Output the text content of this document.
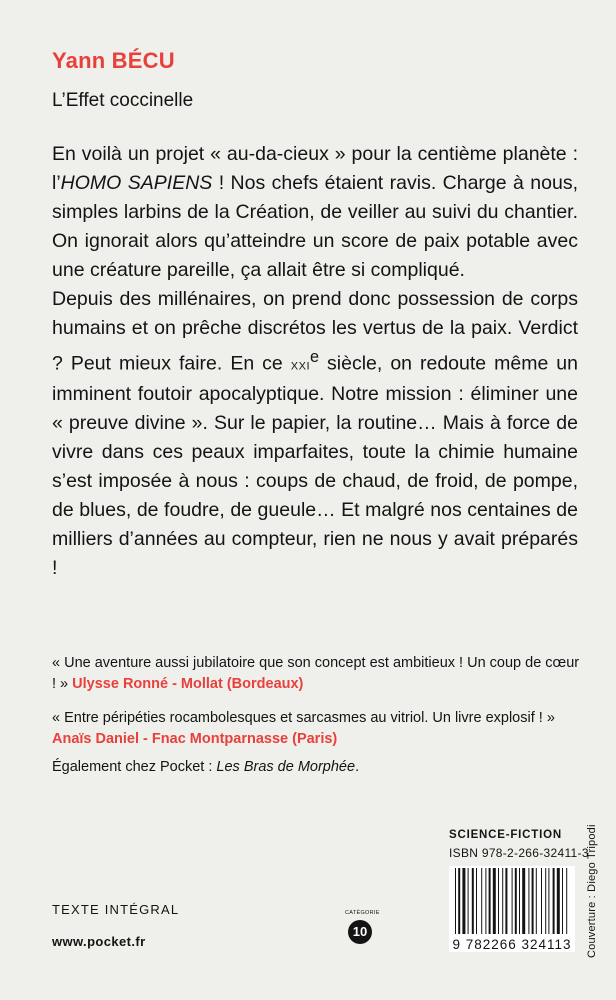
Yann BÉCU
L’Effet coccinelle

En voilà un projet « au-da-cieux » pour la centième planète : l’HOMO SAPIENS ! Nos chefs étaient ravis. Charge à nous, simples larbins de la Création, de veiller au suivi du chantier. On ignorait alors qu’atteindre un score de paix potable avec une créature pareille, ça allait être si compliqué.

Depuis des millénaires, on prend donc possession de corps humains et on prêche discrétos les vertus de la paix. Verdict ? Peut mieux faire. En ce xxi$^e$ siècle, on redoute même un imminent foutoir apocalyptique. Notre mission : éliminer une « preuve divine ». Sur le papier, la routine… Mais à force de vivre dans ces peaux imparfaites, toute la chimie humaine s’est imposée à nous : coups de chaud, de froid, de pompe, de blues, de foudre, de gueule… Et malgré nos centaines de milliers d’années au compteur, rien ne nous y avait préparés !

« Une aventure aussi jubilatoire que son concept est ambitieux ! Un coup de cœur ! » Ulysse Ronné - Mollat (Bordeaux)

« Entre péripéties rocambolesques et sarcasmes au vitriol. Un livre explosif ! » Anaïs Daniel - Fnac Montparnasse (Paris)

Également chez Pocket : Les Bras de Morphée.
SCIENCE-FICTION
ISBN 978-2-266-32411-3
9 782266 324113
TEXTE INTÉGRAL
www.pocket.fr
CATÉGORIE
10	Couverture : Diego Tripodi
